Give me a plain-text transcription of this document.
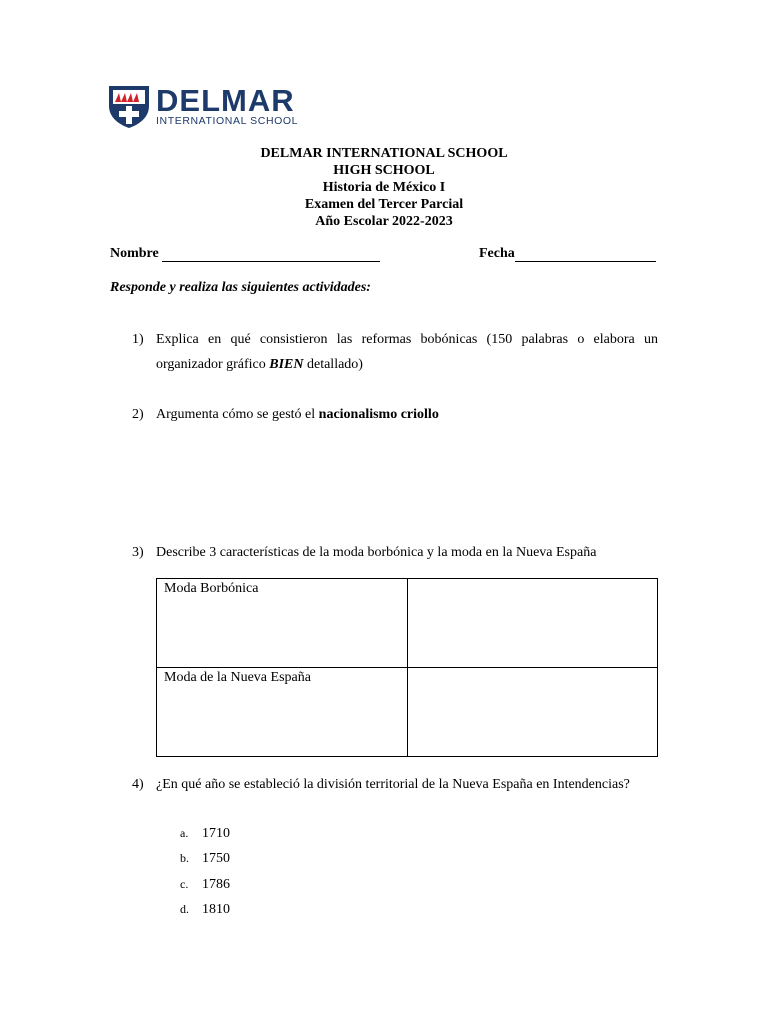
DELMAR
INTERNATIONAL SCHOOL
DELMAR INTERNATIONAL SCHOOL
HIGH SCHOOL
Historia de México I
Examen del Tercer Parcial
Año Escolar 2022-2023
Nombre	Fecha
Responde y realiza las siguientes actividades:
1) Explica en qué consistieron las reformas bobónicas (150 palabras o elabora un organizador gráfico BIEN detallado)
2) Argumenta cómo se gestó el nacionalismo criollo
3) Describe 3 características de la moda borbónica y la moda en la Nueva España
Moda Borbónica	
Moda de la Nueva España	
4) ¿En qué año se estableció la división territorial de la Nueva España en Intendencias?
a. 1710
b. 1750
c. 1786
d. 1810
